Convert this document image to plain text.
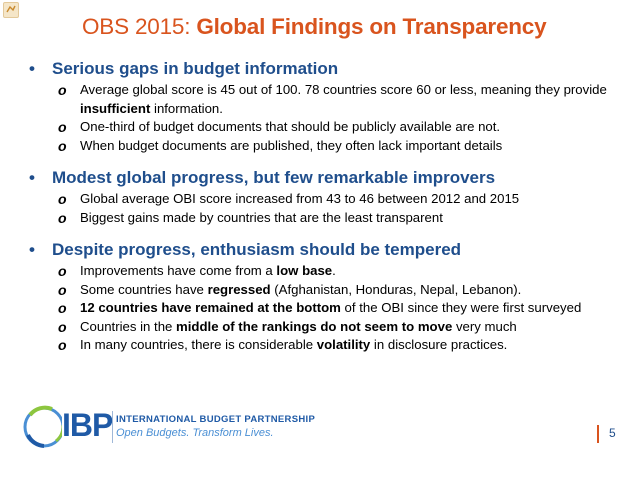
OBS 2015: Global Findings on Transparency
• Serious gaps in budget information
o Average global score is 45 out of 100. 78 countries score 60 or less, meaning they provide insufficient information.
o One-third of budget documents that should be publicly available are not.
o When budget documents are published, they often lack important details
• Modest global progress, but few remarkable improvers
o Global average OBI score increased from 43 to 46 between 2012 and 2015
o Biggest gains made by countries that are the least transparent
• Despite progress, enthusiasm should be tempered
o Improvements have come from a low base.
o Some countries have regressed (Afghanistan, Honduras, Nepal, Lebanon).
o 12 countries have remained at the bottom of the OBI since they were first surveyed
o Countries in the middle of the rankings do not seem to move very much
o In many countries, there is considerable volatility in disclosure practices.
IBP INTERNATIONAL BUDGET PARTNERSHIP
Open Budgets. Transform Lives.	5
